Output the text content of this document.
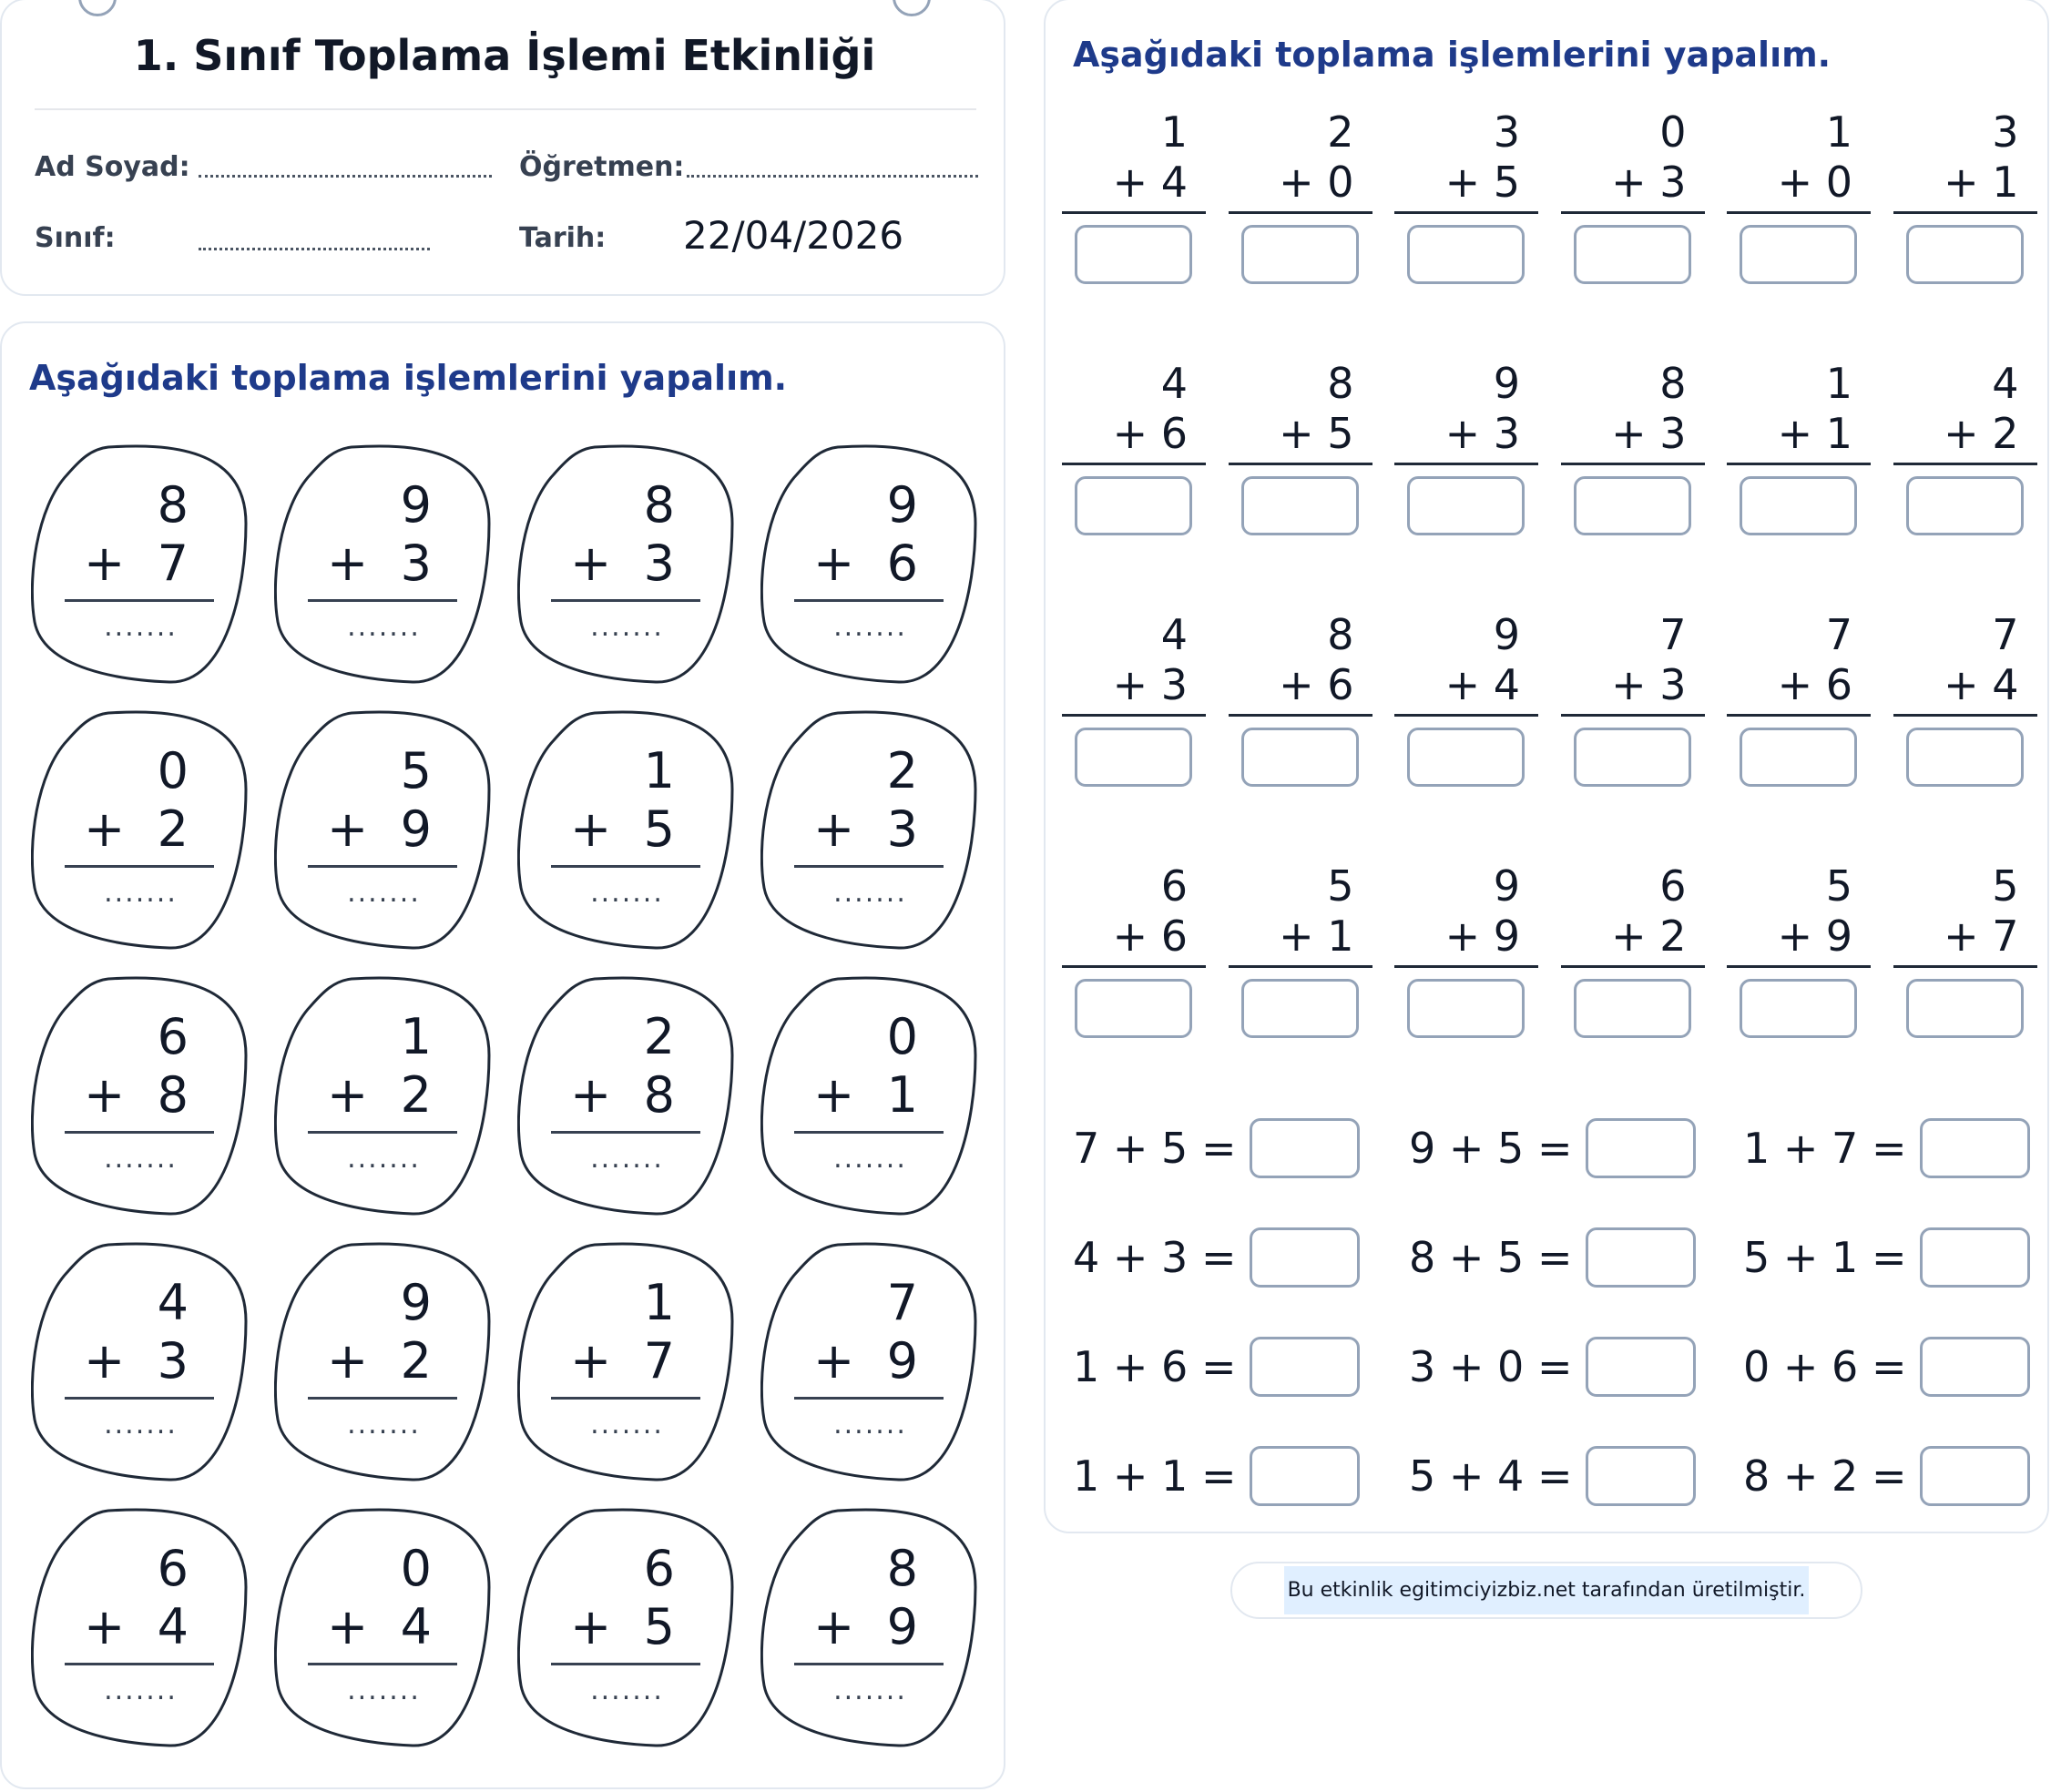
1. Sınıf Toplama İşlemi Etkinliği
Ad Soyad:	Öğretmen:
Sınıf:	Tarih: 22/04/2026
Aşağıdaki toplama işlemlerini yapalım.
8
+ 7
.......
9
+ 3
.......
8
+ 3
.......
9
+ 6
.......
0
+ 2
.......
5
+ 9
.......
1
+ 5
.......
2
+ 3
.......
6
+ 8
.......
1
+ 2
.......
2
+ 8
.......
0
+ 1
.......
4
+ 3
.......
9
+ 2
.......
1
+ 7
.......
7
+ 9
.......
6
+ 4
.......
0
+ 4
.......
6
+ 5
.......
8
+ 9
.......
Aşağıdaki toplama işlemlerini yapalım.
1
+ 4
2
+ 0
3
+ 5
0
+ 3
1
+ 0
3
+ 1
4
+ 6
8
+ 5
9
+ 3
8
+ 3
1
+ 1
4
+ 2
4
+ 3
8
+ 6
9
+ 4
7
+ 3
7
+ 6
7
+ 4
6
+ 6
5
+ 1
9
+ 9
6
+ 2
5
+ 9
5
+ 7
7 + 5 =	9 + 5 =	1 + 7 =
4 + 3 =	8 + 5 =	5 + 1 =
1 + 6 =	3 + 0 =	0 + 6 =
1 + 1 =	5 + 4 =	8 + 2 =
Bu etkinlik egitimciyizbiz.net tarafından üretilmiştir.
